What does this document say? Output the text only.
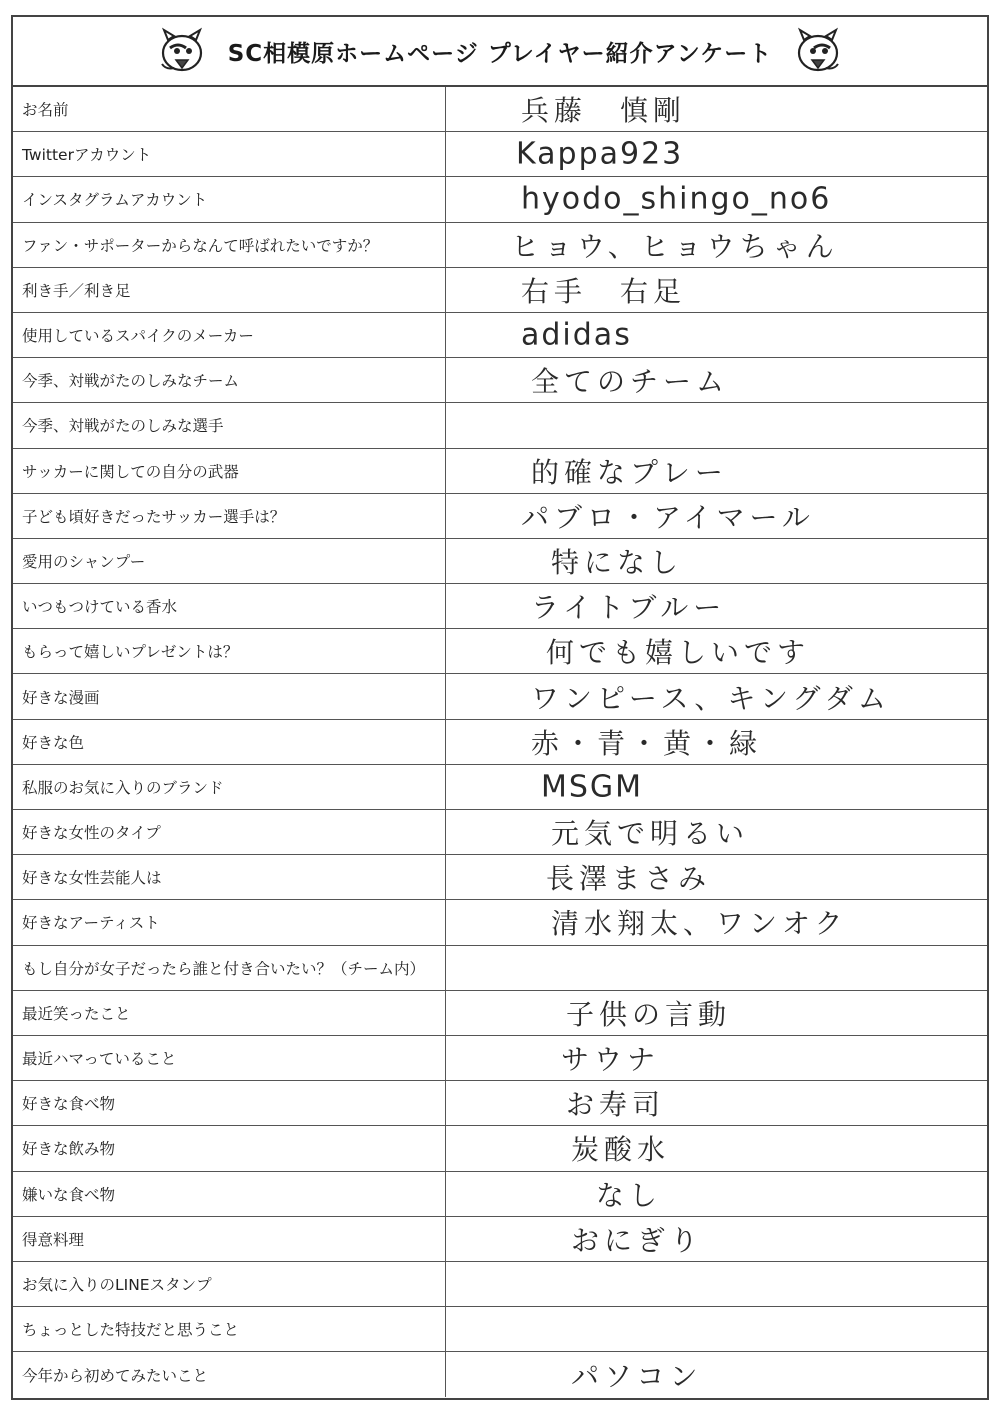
SC相模原ホームページ プレイヤー紹介アンケート
お名前	兵藤　慎剛
Twitterアカウント	Kappa923
インスタグラムアカウント	hyodo_shingo_no6
ファン・サポーターからなんて呼ばれたいですか？	ヒョウ、ヒョウちゃん
利き手／利き足	右手　右足
使用しているスパイクのメーカー	adidas
今季、対戦がたのしみなチーム	全てのチーム
今季、対戦がたのしみな選手
サッカーに関しての自分の武器	的確なプレー
子ども頃好きだったサッカー選手は？	パブロ・アイマール
愛用のシャンプー	特になし
いつもつけている香水	ライトブルー
もらって嬉しいプレゼントは？	何でも嬉しいです
好きな漫画	ワンピース、キングダム
好きな色	赤・青・黄・緑
私服のお気に入りのブランド	MSGM
好きな女性のタイプ	元気で明るい
好きな女性芸能人は	長澤まさみ
好きなアーティスト	清水翔太、ワンオク
もし自分が女子だったら誰と付き合いたい？（チーム内）
最近笑ったこと	子供の言動
最近ハマっていること	サウナ
好きな食べ物	お寿司
好きな飲み物	炭酸水
嫌いな食べ物	なし
得意料理	おにぎり
お気に入りのLINEスタンプ
ちょっとした特技だと思うこと
今年から初めてみたいこと	パソコン
